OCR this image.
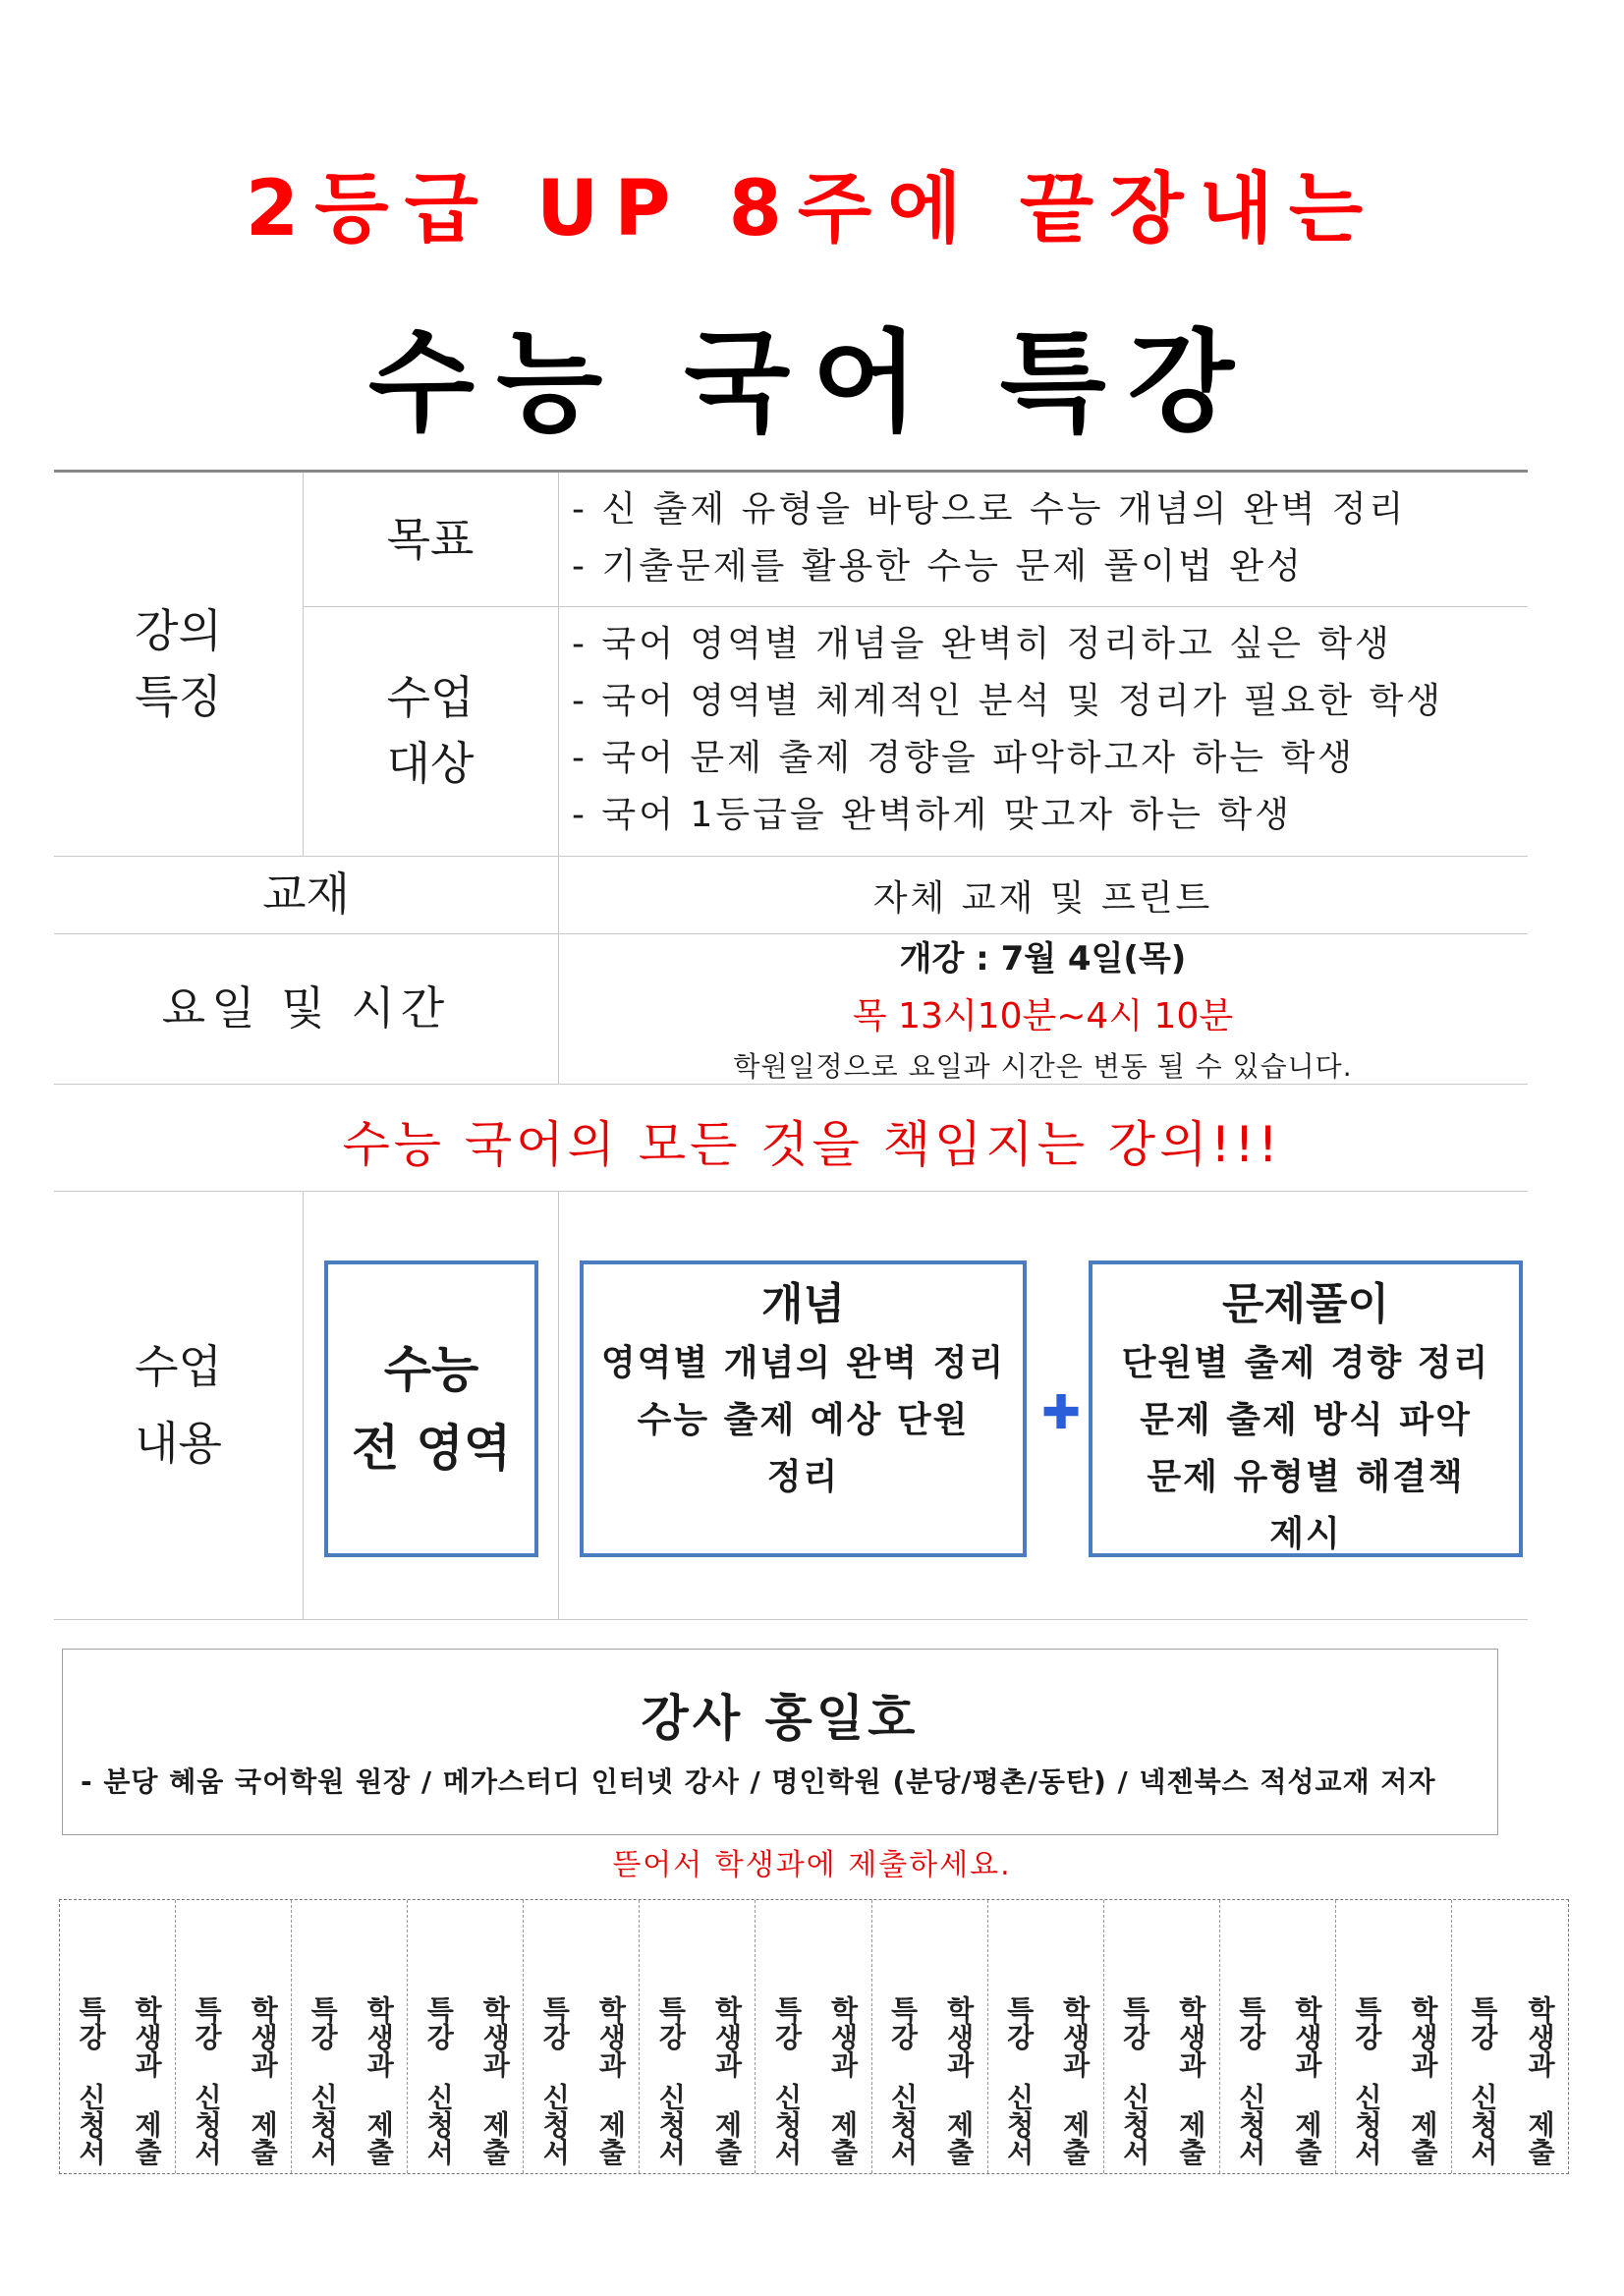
2등급 UP 8주에 끝장내는
수능 국어 특강
강의
특징
목표
- 신 출제 유형을 바탕으로 수능 개념의 완벽 정리
- 기출문제를 활용한 수능 문제 풀이법 완성
수업
대상
- 국어 영역별 개념을 완벽히 정리하고 싶은 학생
- 국어 영역별 체계적인 분석 및 정리가 필요한 학생
- 국어 문제 출제 경향을 파악하고자 하는 학생
- 국어 1등급을 완벽하게 맞고자 하는 학생
교재	자체 교재 및 프린트
요일 및 시간
개강 : 7월 4일(목)
목 13시10분~4시 10분
학원일정으로 요일과 시간은 변동 될 수 있습니다.
수능 국어의 모든 것을 책임지는 강의!!!
수업
내용
수능
전 영역
개념
영역별 개념의 완벽 정리
수능 출제 예상 단원
정리
✚
문제풀이
단원별 출제 경향 정리
문제 출제 방식 파악
문제 유형별 해결책
제시
강사 홍일호
- 분당 혜움 국어학원 원장 / 메가스터디 인터넷 강사 / 명인학원 (분당/평촌/동탄) / 넥젠북스 적성교재 저자
뜯어서 학생과에 제출하세요.
특강 신청서 학생과 제출 특강 신청서 학생과 제출 특강 신청서 학생과 제출 특강 신청서 학생과 제출 특강 신청서 학생과 제출 특강 신청서 학생과 제출 특강 신청서 학생과 제출 특강 신청서 학생과 제출 특강 신청서 학생과 제출 특강 신청서 학생과 제출 특강 신청서 학생과 제출 특강 신청서 학생과 제출 특강 신청서 학생과 제출
